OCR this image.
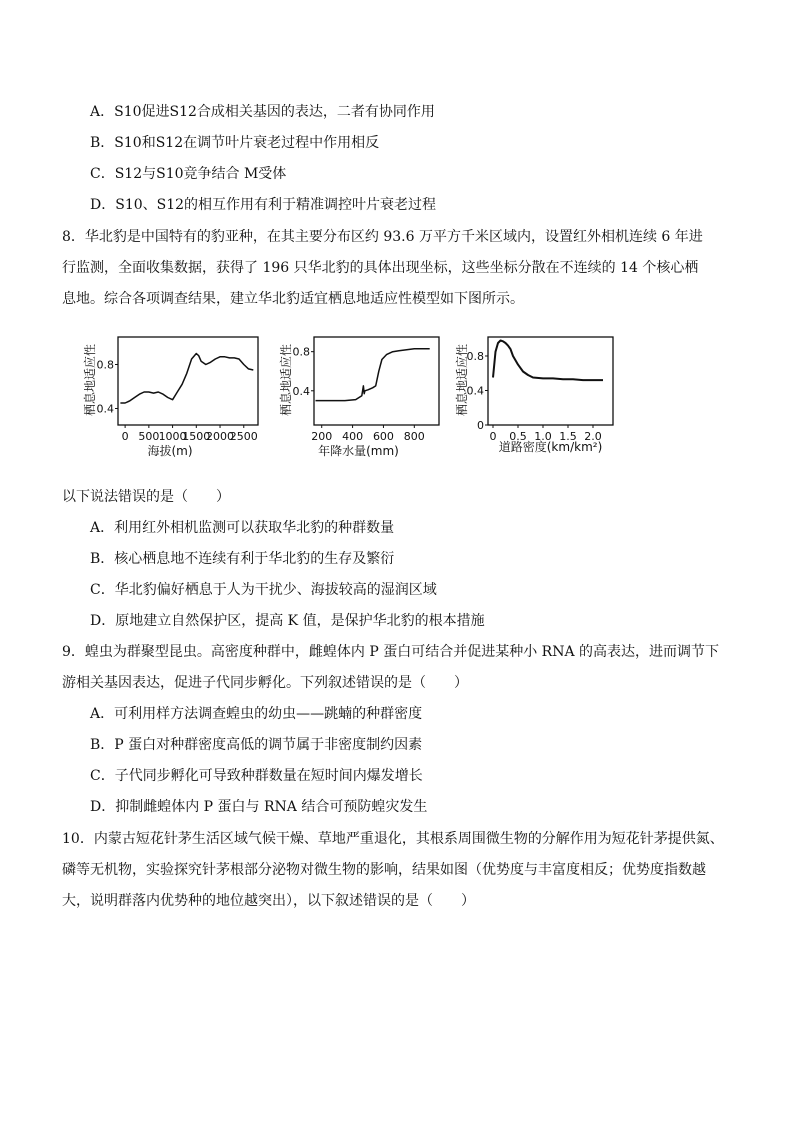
A．S10促进S12合成相关基因的表达，二者有协同作用
B．S10和S12在调节叶片衰老过程中作用相反
C．S12与S10竞争结合 M受体
D．S10、S12的相互作用有利于精准调控叶片衰老过程
8．华北豹是中国特有的豹亚种，在其主要分布区约 93.6 万平方千米区域内，设置红外相机连续 6 年进
行监测，全面收集数据，获得了 196 只华北豹的具体出现坐标，这些坐标分散在不连续的 14 个核心栖
息地。综合各项调查结果，建立华北豹适宜栖息地适应性模型如下图所示。
0 500 1000
1500
2000
2500
0.4
0.8
海拔(m)
栖息地适应性
200 400 600 800
0.4
0.8
年降水量(mm)
栖息地适应性
0 0.5 1.0 1.5 2.0
0
0.4
0.8
道路密度(km/km²)
栖息地适应性
以下说法错误的是（　　）
A．利用红外相机监测可以获取华北豹的种群数量
B．核心栖息地不连续有利于华北豹的生存及繁衍
C．华北豹偏好栖息于人为干扰少、海拔较高的湿润区域
D．原地建立自然保护区，提高 K 值，是保护华北豹的根本措施
9．蝗虫为群聚型昆虫。高密度种群中，雌蝗体内 P 蛋白可结合并促进某种小 RNA 的高表达，进而调节下
游相关基因表达，促进子代同步孵化。下列叙述错误的是（　　）
A．可利用样方法调查蝗虫的幼虫——跳蝻的种群密度
B．P 蛋白对种群密度高低的调节属于非密度制约因素
C．子代同步孵化可导致种群数量在短时间内爆发增长
D．抑制雌蝗体内 P 蛋白与 RNA 结合可预防蝗灾发生
10．内蒙古短花针茅生活区域气候干燥、草地严重退化，其根系周围微生物的分解作用为短花针茅提供氮、
磷等无机物，实验探究针茅根部分泌物对微生物的影响，结果如图（优势度与丰富度相反；优势度指数越
大，说明群落内优势种的地位越突出），以下叙述错误的是（　　）
